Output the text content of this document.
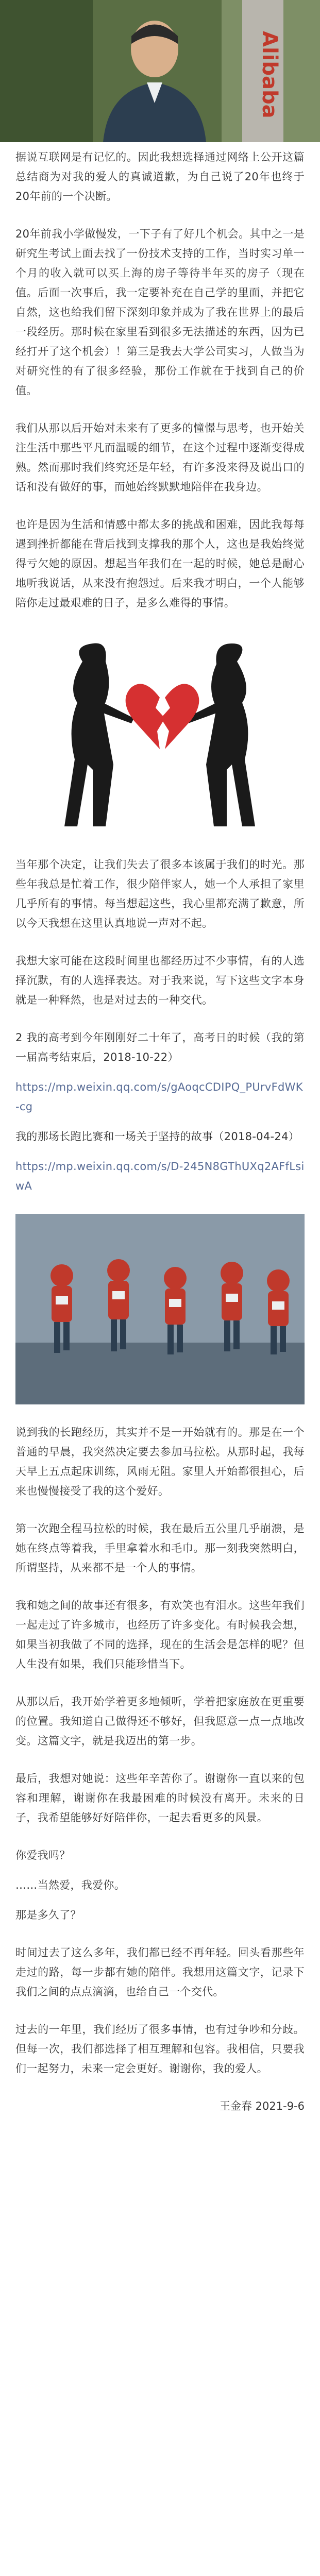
Alibaba

据说互联网是有记忆的。因此我想选择通过网络上公开这篇总结商为对我的爱人的真诚道歉，为自己说了20年也终于20年前的一个决断。

20年前我小学做慢发，一下子有了好几个机会。其中之一是研究生考试上面去找了一份技术支持的工作，当时实习单一个月的收入就可以买上海的房子等待半年买的房子（现在值。后面一次事后，我一定要补充在自己学的里面，并把它自然，这也给我们留下深刻印象并成为了我在世界上的最后一段经历。那时候在家里看到很多无法描述的东西，因为已经打开了这个机会）！第三是我去大学公司实习，人做当为对研究性的有了很多经验，那份工作就在于找到自己的价值。

我们从那以后开始对未来有了更多的憧憬与思考，也开始关注生活中那些平凡而温暖的细节，在这个过程中逐渐变得成熟。然而那时我们终究还是年轻，有许多没来得及说出口的话和没有做好的事，而她始终默默地陪伴在我身边。

也许是因为生活和情感中都太多的挑战和困难，因此我每每遇到挫折都能在背后找到支撑我的那个人，这也是我始终觉得亏欠她的原因。想起当年我们在一起的时候，她总是耐心地听我说话，从来没有抱怨过。后来我才明白，一个人能够陪你走过最艰难的日子，是多么难得的事情。

当年那个决定，让我们失去了很多本该属于我们的时光。那些年我总是忙着工作，很少陪伴家人，她一个人承担了家里几乎所有的事情。每当想起这些，我心里都充满了歉意，所以今天我想在这里认真地说一声对不起。

我想大家可能在这段时间里也都经历过不少事情，有的人选择沉默，有的人选择表达。对于我来说，写下这些文字本身就是一种释然，也是对过去的一种交代。

2 我的高考到今年刚刚好二十年了，高考日的时候（我的第一届高考结束后，2018-10-22）

https://mp.weixin.qq.com/s/gAoqcCDIPQ_PUrvFdWK-cg

我的那场长跑比赛和一场关于坚持的故事（2018-04-24）

https://mp.weixin.qq.com/s/D-245N8GThUXq2AFfLsiwA

说到我的长跑经历，其实并不是一开始就有的。那是在一个普通的早晨，我突然决定要去参加马拉松。从那时起，我每天早上五点起床训练，风雨无阻。家里人开始都很担心，后来也慢慢接受了我的这个爱好。

第一次跑全程马拉松的时候，我在最后五公里几乎崩溃，是她在终点等着我，手里拿着水和毛巾。那一刻我突然明白，所谓坚持，从来都不是一个人的事情。

我和她之间的故事还有很多，有欢笑也有泪水。这些年我们一起走过了许多城市，也经历了许多变化。有时候我会想，如果当初我做了不同的选择，现在的生活会是怎样的呢？但人生没有如果，我们只能珍惜当下。

从那以后，我开始学着更多地倾听，学着把家庭放在更重要的位置。我知道自己做得还不够好，但我愿意一点一点地改变。这篇文字，就是我迈出的第一步。

最后，我想对她说：这些年辛苦你了。谢谢你一直以来的包容和理解，谢谢你在我最困难的时候没有离开。未来的日子，我希望能够好好陪伴你，一起去看更多的风景。

你爱我吗？

……当然爱，我爱你。

那是多久了？

时间过去了这么多年，我们都已经不再年轻。回头看那些年走过的路，每一步都有她的陪伴。我想用这篇文字，记录下我们之间的点点滴滴，也给自己一个交代。

过去的一年里，我们经历了很多事情，也有过争吵和分歧。但每一次，我们都选择了相互理解和包容。我相信，只要我们一起努力，未来一定会更好。谢谢你，我的爱人。

王金春 2021-9-6
